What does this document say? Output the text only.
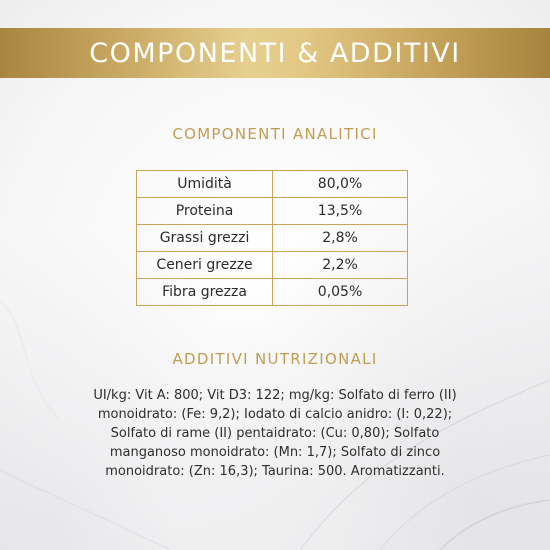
COMPONENTI & ADDITIVI
COMPONENTI ANALITICI
Umidità	80,0%
Proteina	13,5%
Grassi grezzi	2,8%
Ceneri grezze	2,2%
Fibra grezza	0,05%
ADDITIVI NUTRIZIONALI
UI/kg: Vit A: 800; Vit D3: 122; mg/kg: Solfato di ferro (II)
monoidrato: (Fe: 9,2); Iodato di calcio anidro: (I: 0,22);
Solfato di rame (II) pentaidrato: (Cu: 0,80); Solfato
manganoso monoidrato: (Mn: 1,7); Solfato di zinco
monoidrato: (Zn: 16,3); Taurina: 500. Aromatizzanti.
